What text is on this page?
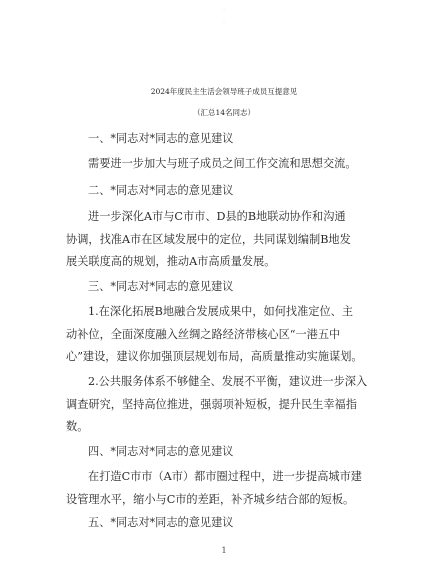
2024年度民主生活会领导班子成员互提意见
（汇总14名同志）
一、*同志对*同志的意见建议
需要进一步加大与班子成员之间工作交流和思想交流。
二、*同志对*同志的意见建议
进一步深化A市与C市市、D县的B地联动协作和沟通
协调，找准A市在区域发展中的定位，共同谋划编制B地发
展关联度高的规划，推动A市高质量发展。
三、*同志对*同志的意见建议
1.在深化拓展B地融合发展成果中，如何找准定位、主
动补位，全面深度融入丝绸之路经济带核心区“一港五中
心”建设，建议你加强顶层规划布局，高质量推动实施谋划。
2.公共服务体系不够健全、发展不平衡，建议进一步深入
调查研究，坚持高位推进，强弱项补短板，提升民生幸福指
数。
四、*同志对*同志的意见建议
在打造C市市（A市）都市圈过程中，进一步提高城市建
设管理水平，缩小与C市的差距，补齐城乡结合部的短板。
五、*同志对*同志的意见建议
1
